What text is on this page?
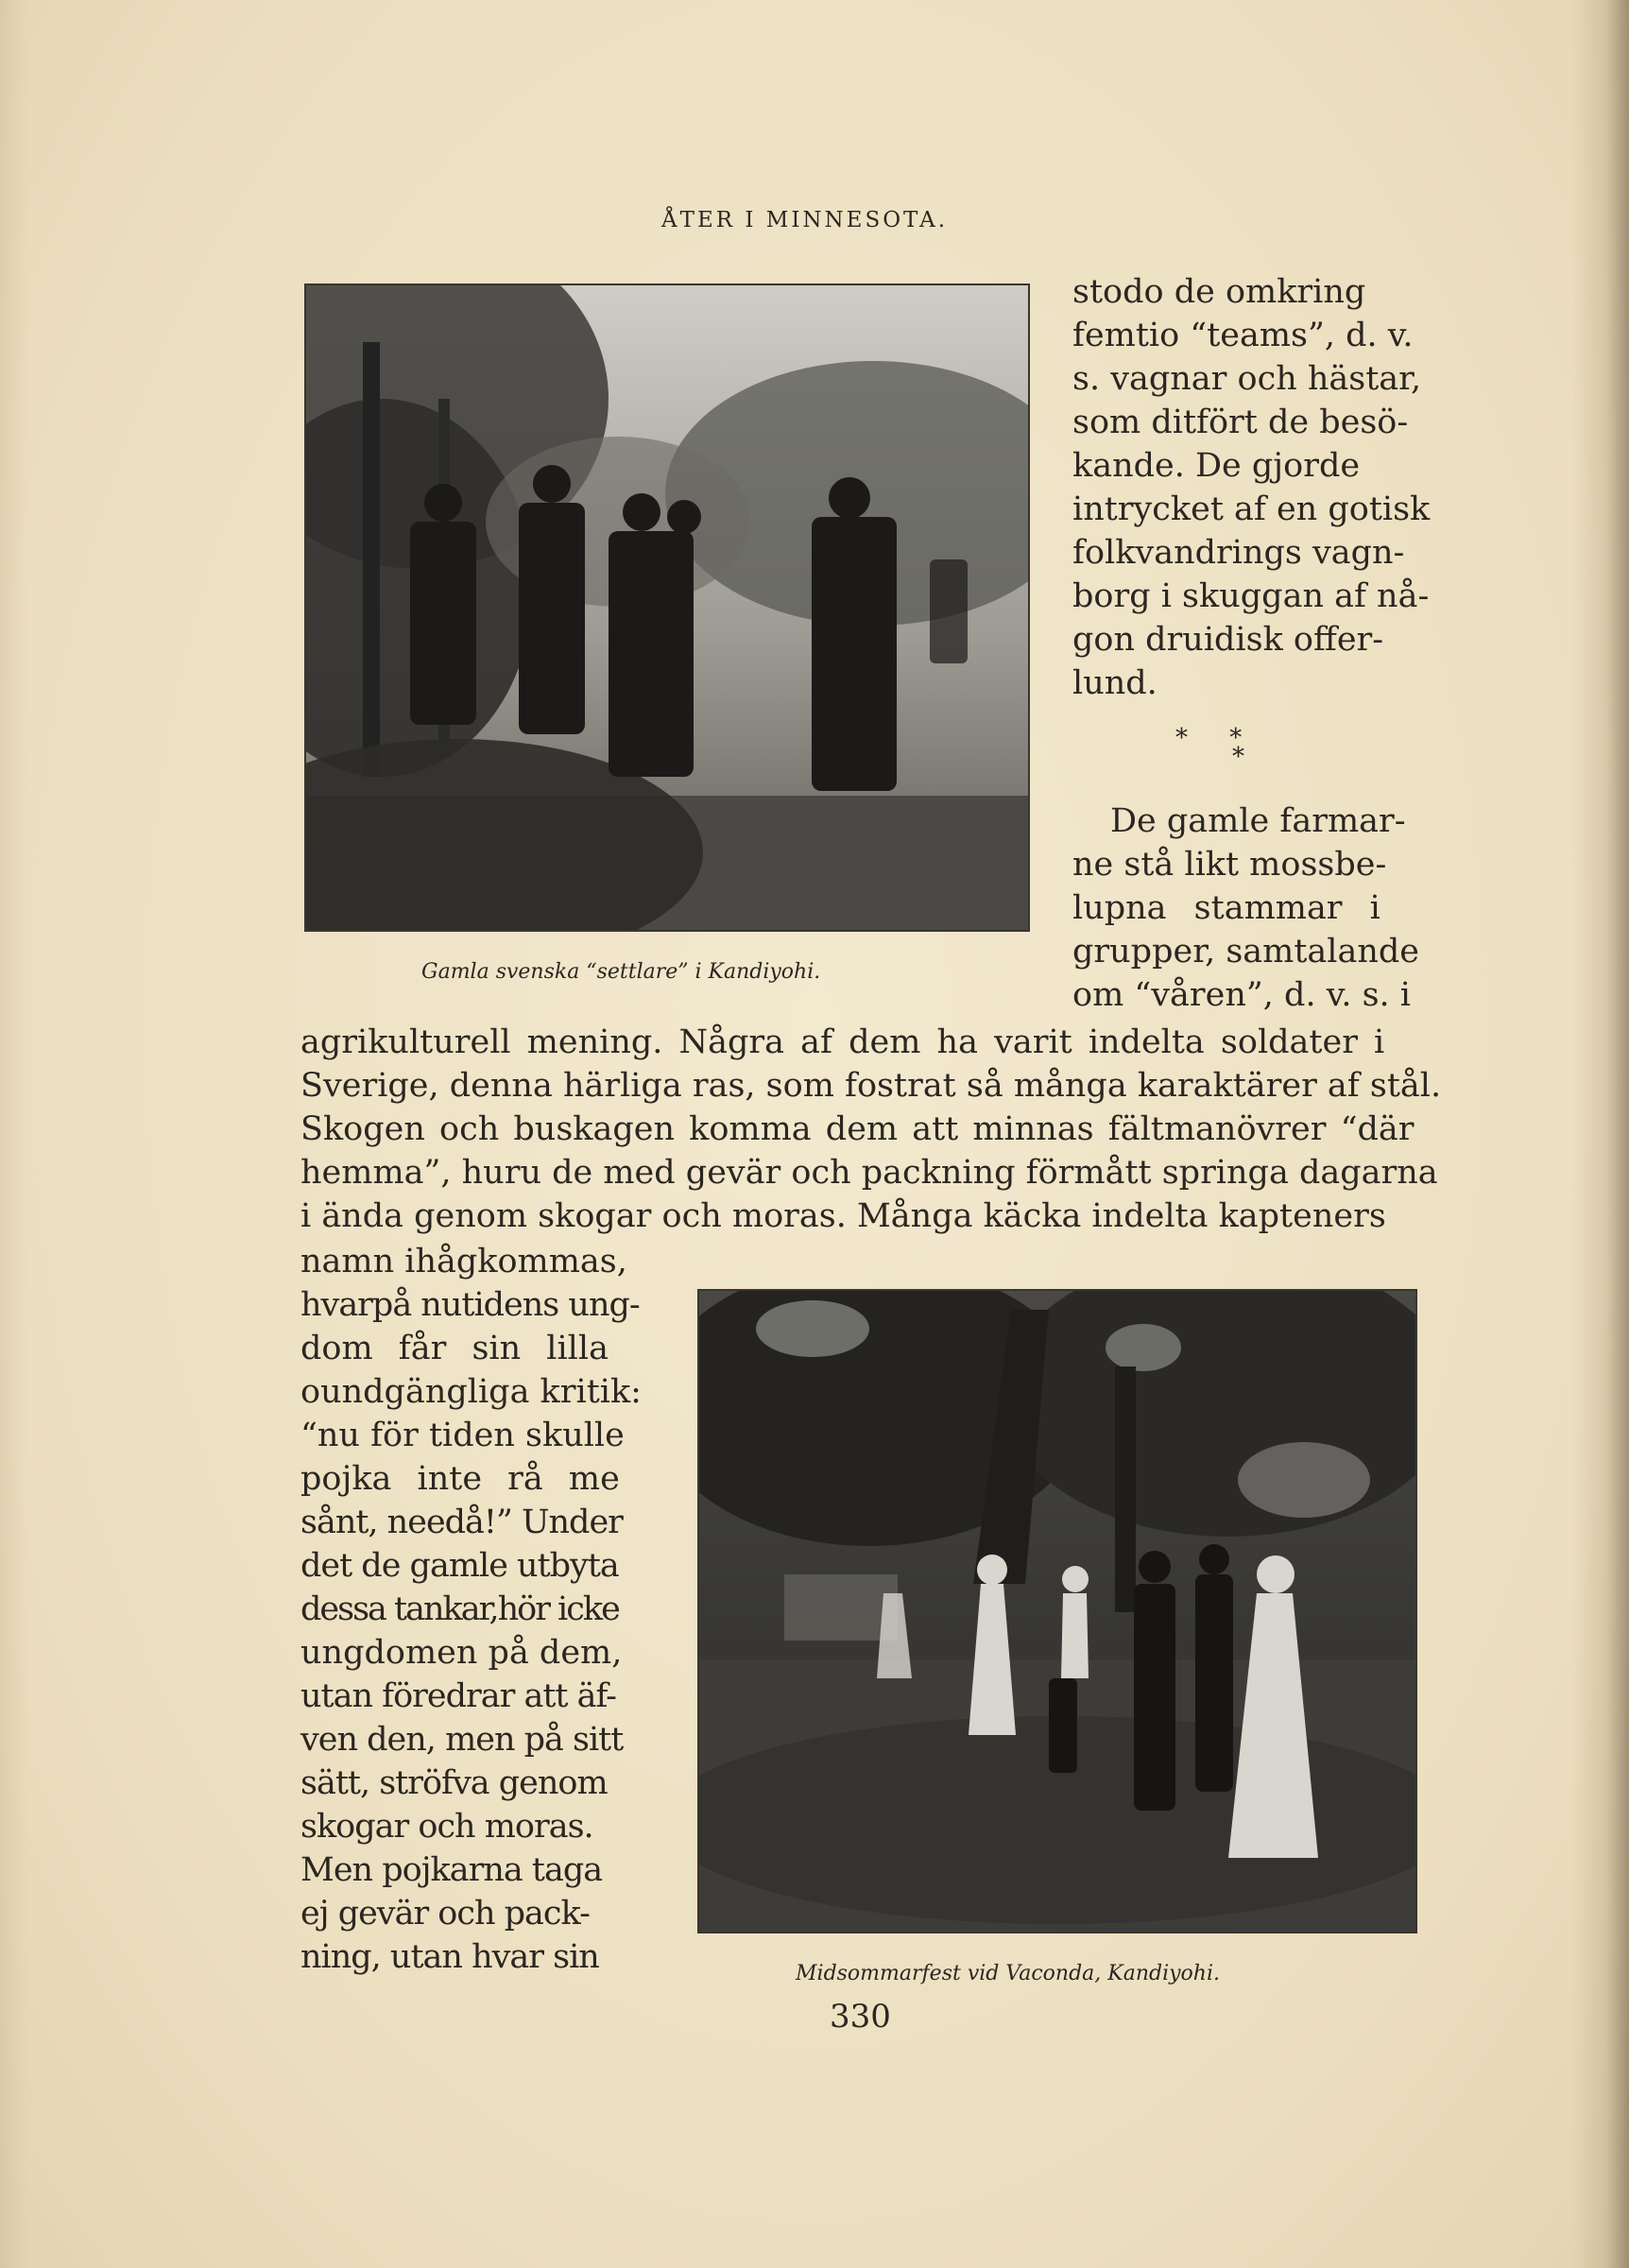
ÅTER I MINNESOTA.
Gamla svenska “settlare” i Kandiyohi.
stodo de omkring
femtio “teams”, d. v.
s. vagnar och hästar,
som ditfört de besö-
kande. De gjorde
intrycket af en gotisk
folkvandrings vagn-
borg i skuggan af nå-
gon druidisk offer-
lund.
* *
*
De gamle farmar-
ne stå likt mossbe-
lupna stammar i
grupper, samtalande
om “våren”, d. v. s. i
agrikulturell mening. Några af dem ha varit indelta soldater i
Sverige, denna härliga ras, som fostrat så många karaktärer af stål.
Skogen och buskagen komma dem att minnas fältmanövrer “där
hemma”, huru de med gevär och packning förmått springa dagarna
i ända genom skogar och moras. Många käcka indelta kapteners
namn ihågkommas,
hvarpå nutidens ung-
dom får sin lilla
oundgängliga kritik:
“nu för tiden skulle
pojka inte rå me
sånt, needå!” Under
det de gamle utbyta
dessa tankar,hör icke
ungdomen på dem,
utan föredrar att äf-
ven den, men på sitt
sätt, ströfva genom
skogar och moras.
Men pojkarna taga
ej gevär och pack-
ning, utan hvar sin	Midsommarfest vid Vaconda, Kandiyohi.
330
